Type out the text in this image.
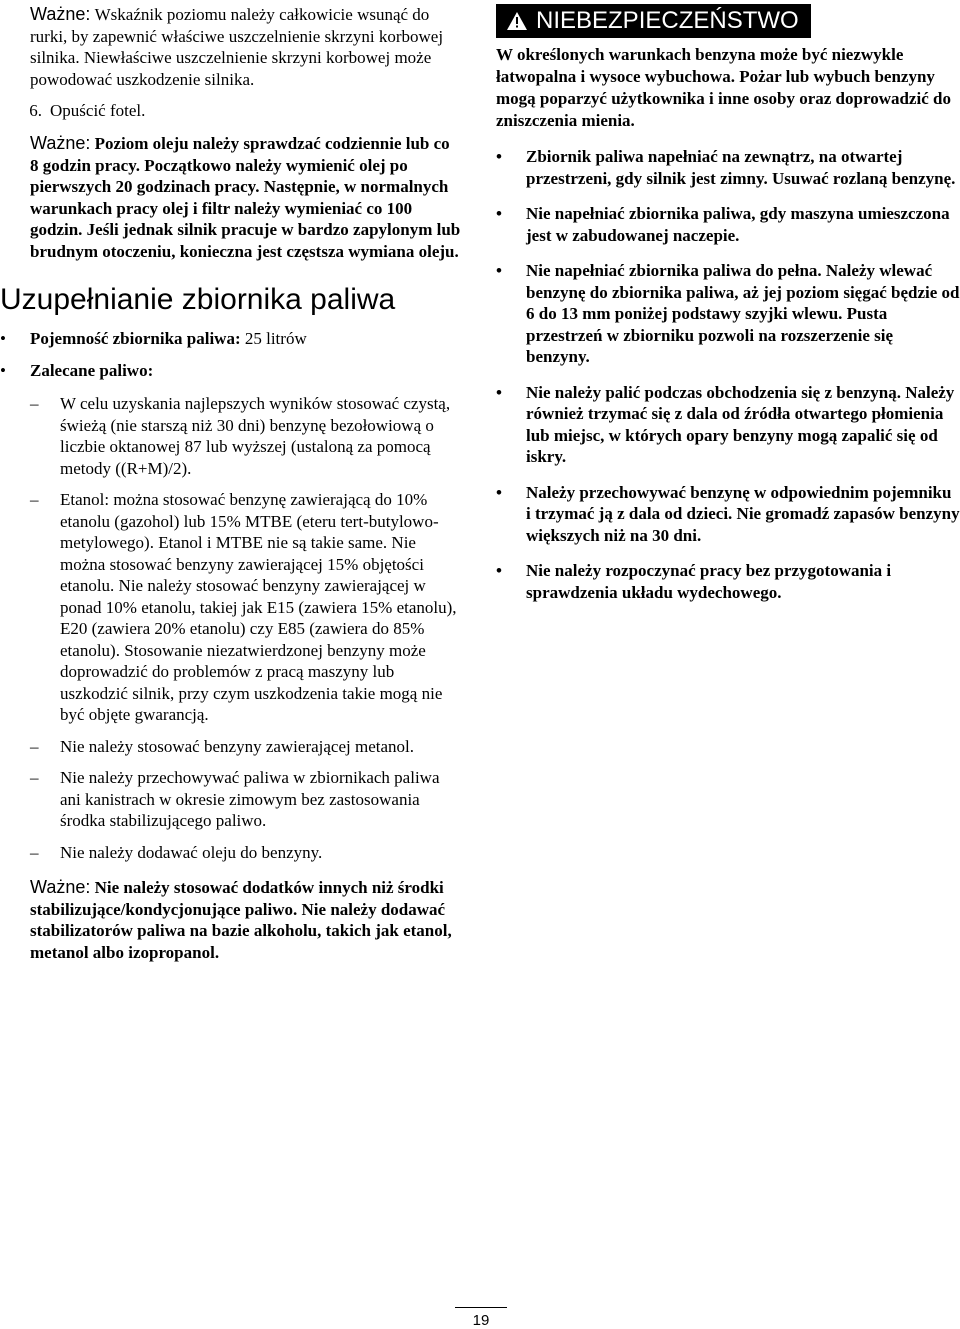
Ważne: Wskaźnik poziomu należy całkowicie wsunąć do rurki, by zapewnić właściwe uszczelnienie skrzyni korbowej silnika. Niewłaściwe uszczelnienie skrzyni korbowej może powodować uszkodzenie silnika.

6. Opuścić fotel.

Ważne: Poziom oleju należy sprawdzać codziennie lub co 8 godzin pracy. Początkowo należy wymienić olej po pierwszych 20 godzinach pracy. Następnie, w normalnych warunkach pracy olej i filtr należy wymieniać co 100 godzin. Jeśli jednak silnik pracuje w bardzo zapylonym lub brudnym otoczeniu, konieczna jest częstsza wymiana oleju.

Uzupełnianie zbiornika paliwa
• Pojemność zbiornika paliwa: 25 litrów
• Zalecane paliwo:
– W celu uzyskania najlepszych wyników stosować czystą, świeżą (nie starszą niż 30 dni) benzynę bezołowiową o liczbie oktanowej 87 lub wyższej (ustaloną za pomocą metody ((R+M)/2).
– Etanol: można stosować benzynę zawierającą do 10% etanolu (gazohol) lub 15% MTBE (eteru tert-butylowo-metylowego). Etanol i MTBE nie są takie same. Nie można stosować benzyny zawierającej 15% objętości etanolu. Nie należy stosować benzyny zawierającej w ponad 10% etanolu, takiej jak E15 (zawiera 15% etanolu), E20 (zawiera 20% etanolu) czy E85 (zawiera do 85% etanolu). Stosowanie niezatwierdzonej benzyny może doprowadzić do problemów z pracą maszyny lub uszkodzić silnik, przy czym uszkodzenia takie mogą nie być objęte gwarancją.
– Nie należy stosować benzyny zawierającej metanol.
– Nie należy przechowywać paliwa w zbiornikach paliwa ani kanistrach w okresie zimowym bez zastosowania środka stabilizującego paliwo.
– Nie należy dodawać oleju do benzyny.

Ważne: Nie należy stosować dodatków innych niż środki stabilizujące/kondycjonujące paliwo. Nie należy dodawać stabilizatorów paliwa na bazie alkoholu, takich jak etanol, metanol albo izopropanol.

NIEBEZPIECZEŃSTWO

W określonych warunkach benzyna może być niezwykle łatwopalna i wysoce wybuchowa. Pożar lub wybuch benzyny mogą poparzyć użytkownika i inne osoby oraz doprowadzić do zniszczenia mienia.

• Zbiornik paliwa napełniać na zewnątrz, na otwartej przestrzeni, gdy silnik jest zimny. Usuwać rozlaną benzynę.
• Nie napełniać zbiornika paliwa, gdy maszyna umieszczona jest w zabudowanej naczepie.
• Nie napełniać zbiornika paliwa do pełna. Należy wlewać benzynę do zbiornika paliwa, aż jej poziom sięgać będzie od 6 do 13 mm poniżej podstawy szyjki wlewu. Pusta przestrzeń w zbiorniku pozwoli na rozszerzenie się benzyny.
• Nie należy palić podczas obchodzenia się z benzyną. Należy również trzymać się z dala od źródła otwartego płomienia lub miejsc, w których opary benzyny mogą zapalić się od iskry.
• Należy przechowywać benzynę w odpowiednim pojemniku i trzymać ją z dala od dzieci. Nie gromadź zapasów benzyny większych niż na 30 dni.
• Nie należy rozpoczynać pracy bez przygotowania i sprawdzenia układu wydechowego.
19
